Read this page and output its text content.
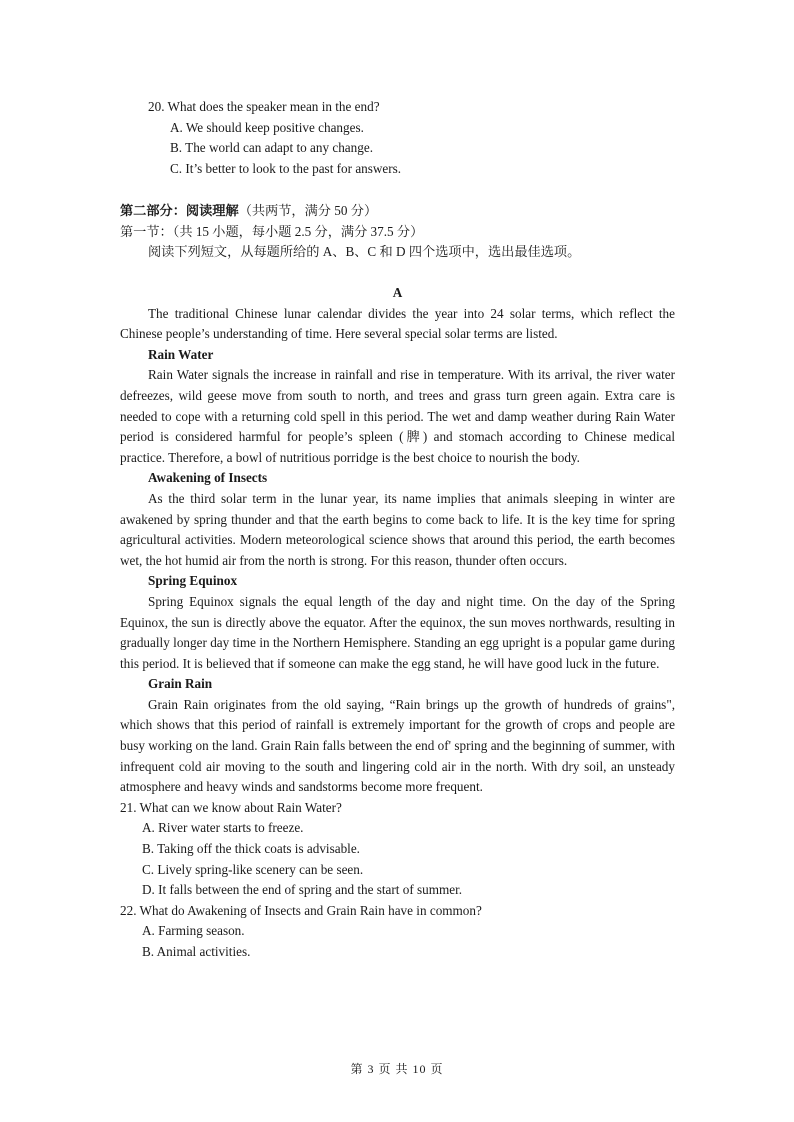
20. What does the speaker mean in the end?
A. We should keep positive changes.
B. The world can adapt to any change.
C. It’s better to look to the past for answers.
第二部分：阅读理解（共两节，满分 50 分）
第一节：（共 15 小题，每小题 2.5 分，满分 37.5 分）
阅读下列短文，从每题所给的 A、B、C 和 D 四个选项中，选出最佳选项。
A

The traditional Chinese lunar calendar divides the year into 24 solar terms, which reflect the Chinese people’s understanding of time. Here several special solar terms are listed.

Rain Water

Rain Water signals the increase in rainfall and rise in temperature. With its arrival, the river water defreezes, wild geese move from south to north, and trees and grass turn green again. Extra care is needed to cope with a returning cold spell in this period. The wet and damp weather during Rain Water period is considered harmful for people’s spleen (脾) and stomach according to Chinese medical practice. Therefore, a bowl of nutritious porridge is the best choice to nourish the body.

Awakening of Insects

As the third solar term in the lunar year, its name implies that animals sleeping in winter are awakened by spring thunder and that the earth begins to come back to life. It is the key time for spring agricultural activities. Modern meteorological science shows that around this period, the earth becomes wet, the hot humid air from the north is strong. For this reason, thunder often occurs.

Spring Equinox

Spring Equinox signals the equal length of the day and night time. On the day of the Spring Equinox, the sun is directly above the equator. After the equinox, the sun moves northwards, resulting in gradually longer day time in the Northern Hemisphere. Standing an egg upright is a popular game during this period. It is believed that if someone can make the egg stand, he will have good luck in the future.

Grain Rain

Grain Rain originates from the old saying, “Rain brings up the growth of hundreds of grains", which shows that this period of rainfall is extremely important for the growth of crops and people are busy working on the land. Grain Rain falls between the end of' spring and the beginning of summer, with infrequent cold air moving to the south and lingering cold air in the north. With dry soil, an unsteady atmosphere and heavy winds and sandstorms become more frequent.

21. What can we know about Rain Water?
A. River water starts to freeze.
B. Taking off the thick coats is advisable.
C. Lively spring-like scenery can be seen.
D. It falls between the end of spring and the start of summer.
22. What do Awakening of Insects and Grain Rain have in common?
A. Farming season.
B. Animal activities.
第 3 页 共 10 页
